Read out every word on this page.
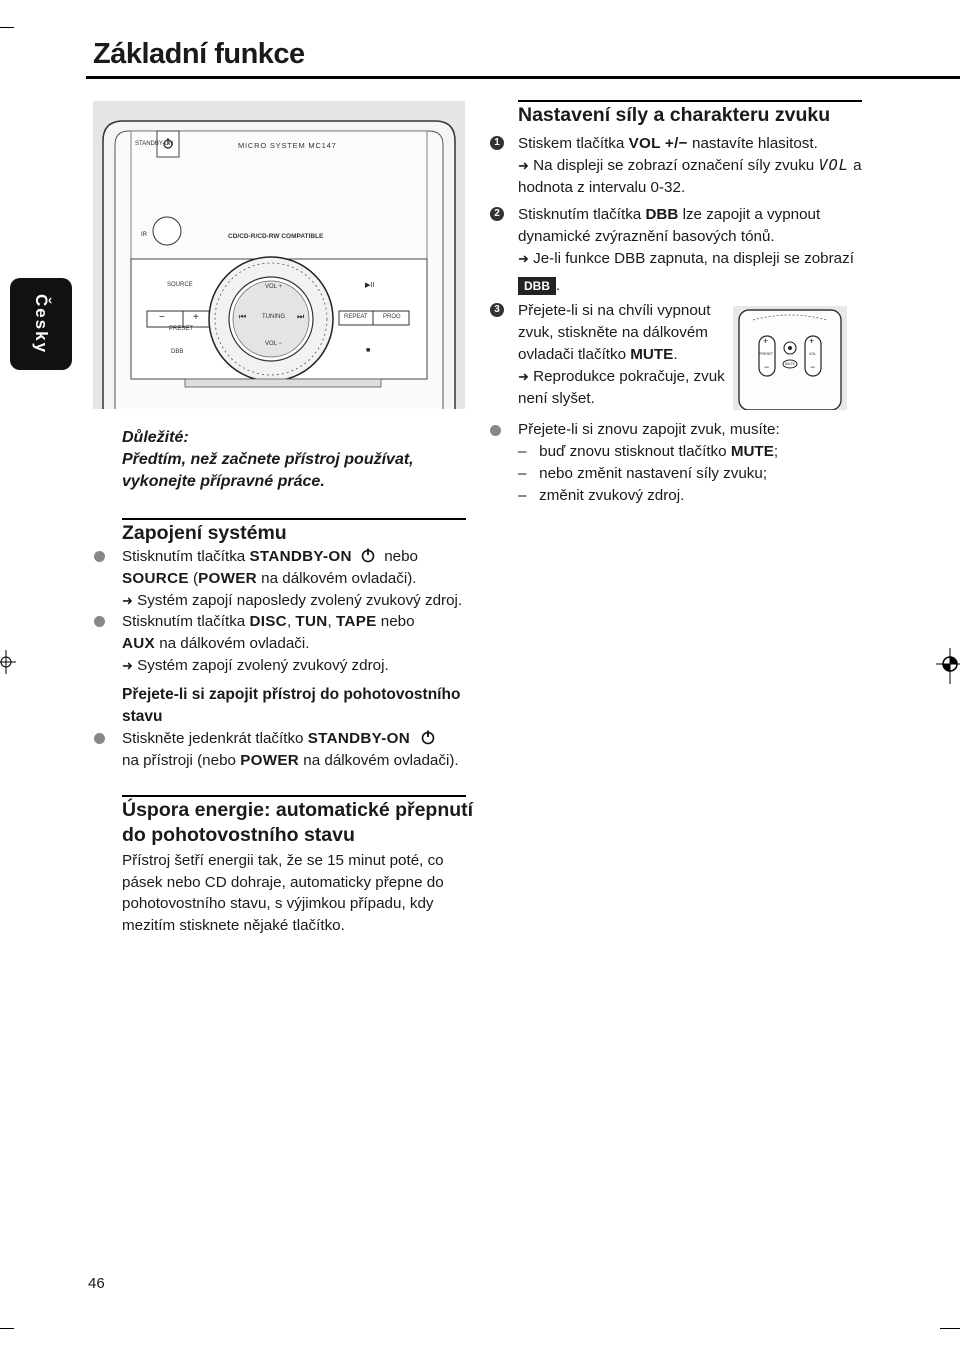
Základní funkce
Česky
STANDBY-ON	MICRO SYSTEM MC147
IR	CD/CD-R/CD-RW COMPATIBLE
SOURCE
PRESET
DBB
−	+
VOL +
VOL −
TUNING
⏮	⏭	REPEAT	PROG
▶II
■
Důležité:
Předtím, než začnete přístroj používat,
vykonejte přípravné práce.
Zapojení systému
Stisknutím tlačítka STANDBY-ON  nebo
SOURCE (POWER na dálkovém ovladači).
➜ Systém zapojí naposledy zvolený zvukový zdroj.
Stisknutím tlačítka DISC, TUN, TAPE nebo
AUX na dálkovém ovladači.
➜ Systém zapojí zvolený zvukový zdroj.
Přejete-li si zapojit přístroj do pohotovostního
stavu
Stiskněte jedenkrát tlačítko STANDBY-ON
na přístroji (nebo POWER na dálkovém ovladači).
Úspora energie: automatické přepnutí
do pohotovostního stavu
Přístroj šetří energii tak, že se 15 minut poté, co
pásek nebo CD dohraje, automaticky přepne do
pohotovostního stavu, s výjimkou případu, kdy
mezitím stisknete nějaké tlačítko.
Nastavení síly a charakteru zvuku
1 Stiskem tlačítka VOL +/− nastavíte hlasitost.
➜ Na displeji se zobrazí označení síly zvuku VOL a
hodnota z intervalu 0-32.
2 Stisknutím tlačítka DBB lze zapojit a vypnout
dynamické zvýraznění basových tónů.
➜ Je-li funkce DBB zapnuta, na displeji se zobrazí
DBB .
3 Přejete-li si na chvíli vypnout
zvuk, stiskněte na dálkovém
ovladači tlačítko MUTE.
➜ Reprodukce pokračuje, zvuk
není slyšet.
+
−
+
−
PRESET	VOL
MUTE
Přejete-li si znovu zapojit zvuk, musíte:
– buď znovu stisknout tlačítko MUTE;
– nebo změnit nastavení síly zvuku;
– změnit zvukový zdroj.
46
